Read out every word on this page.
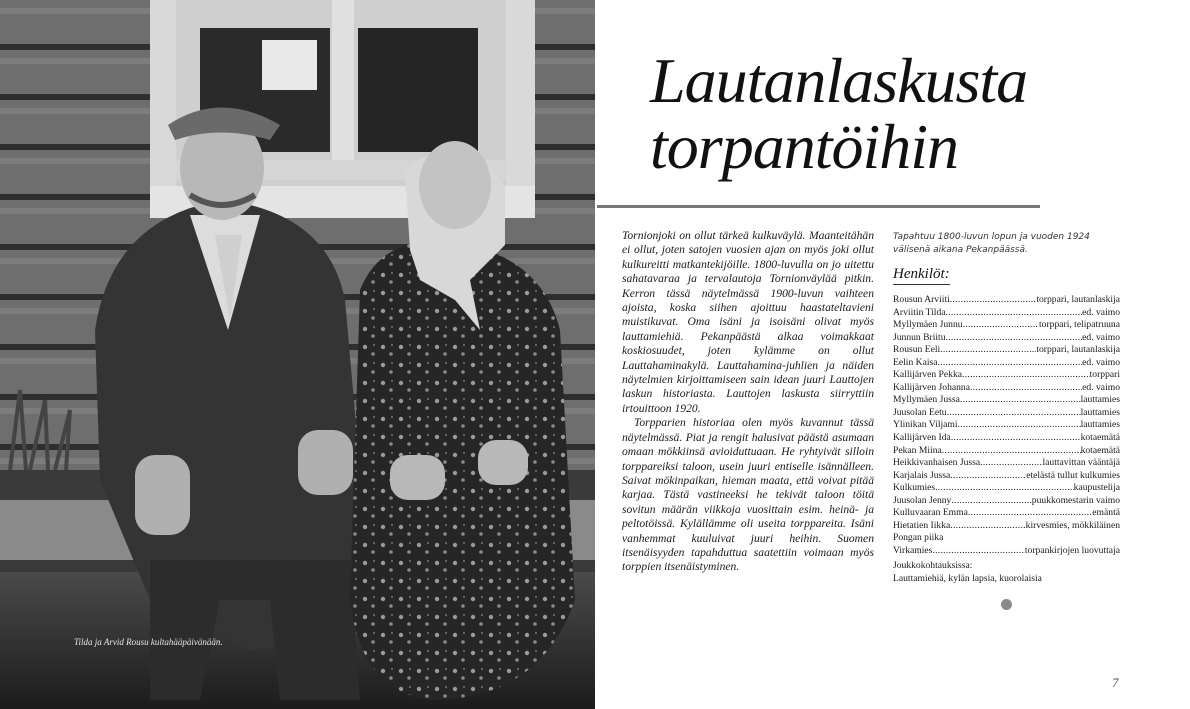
Tilda ja Arvid Rousu kultahääpäivänään.
Lautanlaskusta
torpantöihin

Tornionjoki on ollut tärkeä kulkuväylä. Maanteitähän ei ollut, joten satojen vuosien ajan on myös joki ollut kulkureitti matkantekijöille. 1800-luvulla on jo uitettu sahatavaraa ja tervalautoja Tornionväylää pitkin. Kerron tässä näytelmässä 1900-luvun vaihteen ajoista, koska siihen ajoittuu haastateltavieni muistikuvat. Oma isäni ja isoisäni olivat myös lauttamiehiä. Pekanpäästä alkaa voimakkaat koskiosuudet, joten kylämme on ollut Lauttahaminakylä. Lauttahamina-juhlien ja näiden näytelmien kirjoittamiseen sain idean juuri Lauttojen laskun historiasta. Lauttojen laskusta siirryttiin irtouittoon 1920.

Torpparien historiaa olen myös kuvannut tässä näytelmässä. Piat ja rengit halusivat päästä asumaan omaan mökkiinsä avioiduttuaan. He ryhtyivät silloin torppareiksi taloon, usein juuri entiselle isännälleen. Saivat mökinpaikan, hieman maata, että voivat pitää karjaa. Tästä vastineeksi he tekivät taloon töitä sovitun määrän viikkoja vuosittain esim. heinä- ja peltotöissä. Kylällämme oli useita torppareita. Isäni vanhemmat kuuluivat juuri heihin. Suomen itsenäisyyden tapahduttua saatettiin voimaan myös torppien itsenäistyminen.

Tapahtuu 1800-luvun lopun ja vuoden 1924 välisenä aikana Pekanpäässä.
Henkilöt:
Rousun Arviiti .....	torppari, lautanlaskija
Arviitin Tilda .....	ed. vaimo
Myllymäen Junnu .....	torppari, telipatruuna
Junnun Briitu .....	ed. vaimo
Rousun Eeli .....	torppari, lautanlaskija
Eelin Kaisa .....	ed. vaimo
Kallijärven Pekka .....	torppari
Kallijärven Johanna .....	ed. vaimo
Myllymäen Jussa .....	lauttamies
Juusolan Eetu .....	lauttamies
Ylinikan Viljami .....	lauttamies
Kallijärven Ida .....	kotaemätä
Pekan Miina .....	kotaemätä
Heikkivanhaisen Jussa .....	lauttavittan vääntäjä
Karjalais Jussa .....	etelästä tullut kulkumies
Kulkumies .....	kaupustelija
Juusolan Jenny .....	puukkomestarin vaimo
Kulluvaaran Emma .....	emäntä
Hietatien Iikka .....	kirvesmies, mökkiläinen
Pongan piika
Virkamies .....	torpankirjojen luovuttaja
Joukkokohtauksissa:
Lauttamiehiä, kylän lapsia, kuorolaisia
7
